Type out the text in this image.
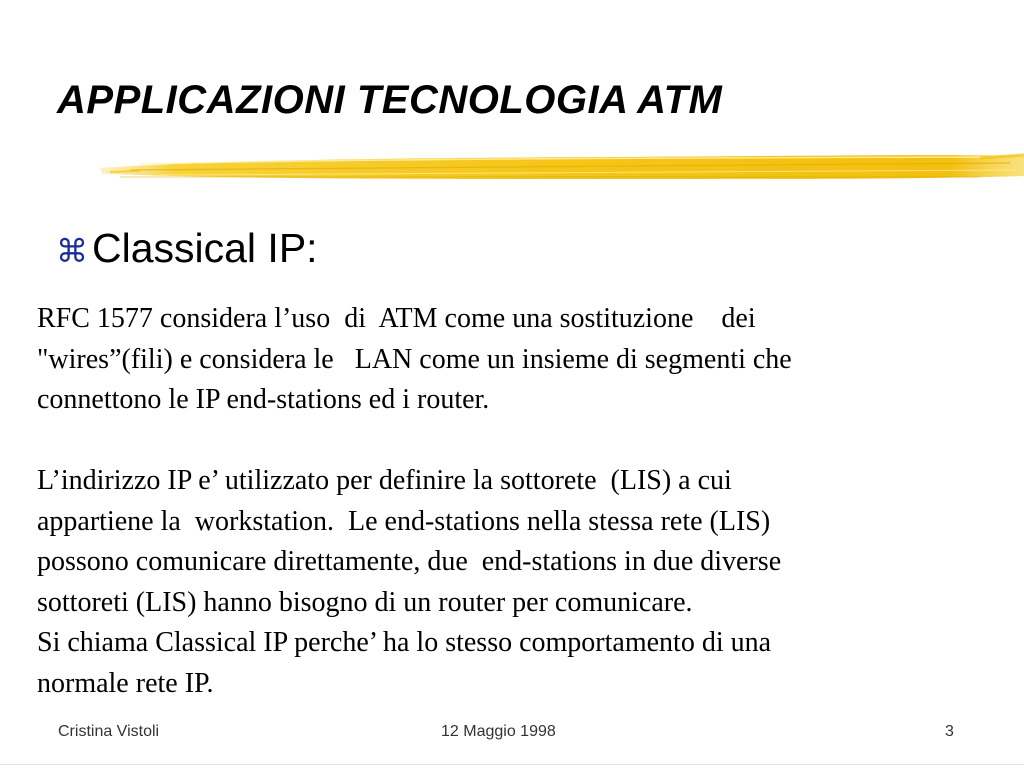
APPLICAZIONI TECNOLOGIA ATM
⌘ Classical IP:

RFC 1577 considera l’uso  di  ATM come una sostituzione    dei

"wires”(fili) e considera le   LAN come un insieme di segmenti che

connettono le IP end-stations ed i router.

L’indirizzo IP e’ utilizzato per definire la sottorete  (LIS) a cui

appartiene la  workstation.  Le end-stations nella stessa rete (LIS)

possono comunicare direttamente, due  end-stations in due diverse

sottoreti (LIS) hanno bisogno di un router per comunicare.

Si chiama Classical IP perche’ ha lo stesso comportamento di una

normale rete IP.

Cristina Vistoli	12 Maggio 1998	3
